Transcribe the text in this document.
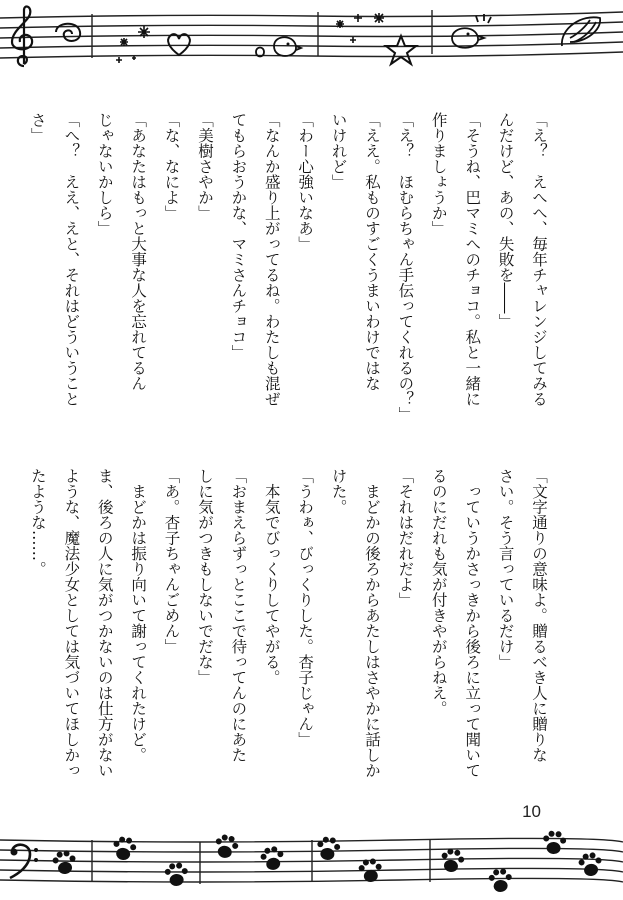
「え？　えへへ、毎年チャレンジしてみる
んだけど、あの、失敗を――」
「そうね、巴マミへのチョコ。私と一緒に
作りましょうか」
「え？　ほむらちゃん手伝ってくれるの？」
「ええ。私ものすごくうまいわけではな
いけれど」
「わー心強いなあ」
「なんか盛り上がってるね。わたしも混ぜ
てもらおうかな、マミさんチョコ」
「美樹さやか」
「な、なによ」
「あなたはもっと大事な人を忘れてるん
じゃないかしら」
「へ？　ええ、えと、それはどういうこと
さ」
「文字通りの意味よ。贈るべき人に贈りな
さい。そう言っているだけ」
　っていうかさっきから後ろに立って聞いて
るのにだれも気が付きやがらねえ。
「それはだれだよ」
　まどかの後ろからあたしはさやかに話しか
けた。
「うわぁ、びっくりした。杏子じゃん」
　本気でびっくりしてやがる。
「おまえらずっとここで待ってんのにあた
しに気がつきもしないでだな」
「あ。杏子ちゃんごめん」
　まどかは振り向いて謝ってくれたけど。
ま、後ろの人に気がつかないのは仕方がない
ような、魔法少女としては気づいてほしかっ
たような……。
10
